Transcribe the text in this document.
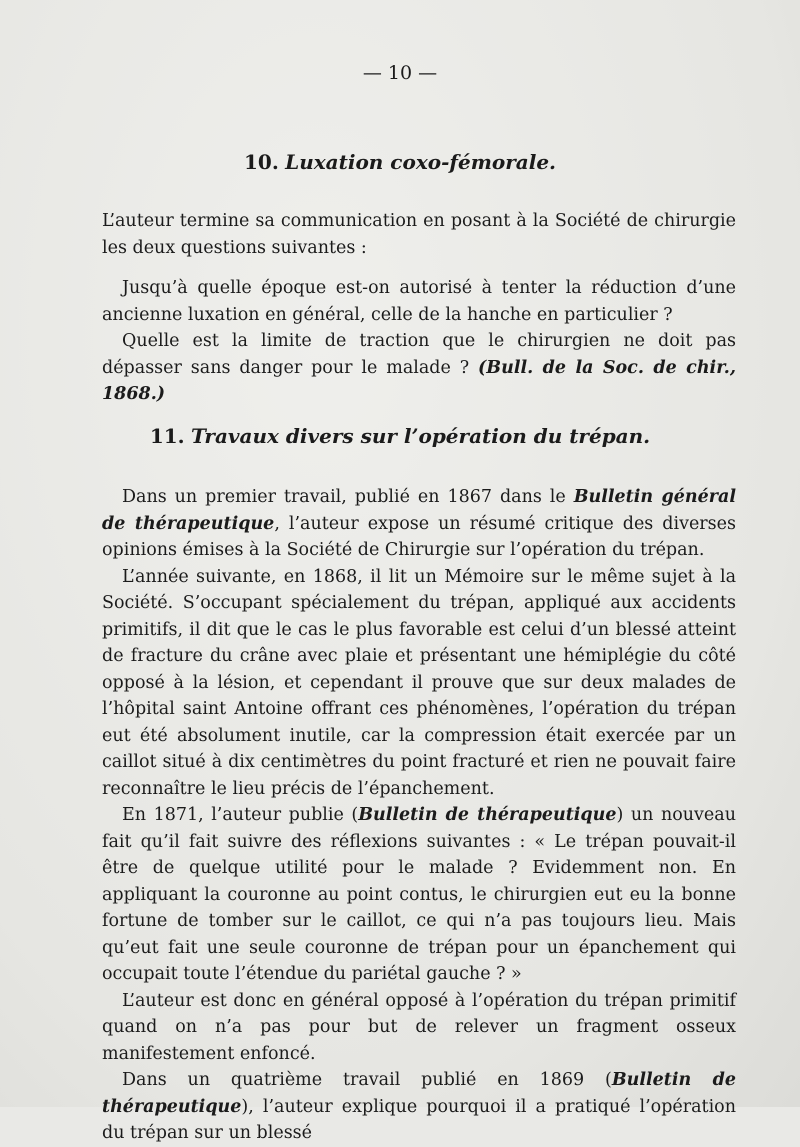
— 10 —
10. Luxation coxo-fémorale.

L’auteur termine sa communication en posant à la Société de chirurgie les deux questions suivantes :

Jusqu’à quelle époque est-on autorisé à tenter la réduction d’une ancienne luxation en général, celle de la hanche en particulier ?

Quelle est la limite de traction que le chirurgien ne doit pas dépasser sans danger pour le malade ? (Bull. de la Soc. de chir., 1868.)

11. Travaux divers sur l’opération du trépan.

Dans un premier travail, publié en 1867 dans le Bulletin général de thérapeutique, l’auteur expose un résumé critique des diverses opinions émises à la Société de Chirurgie sur l’opération du trépan.

L’année suivante, en 1868, il lit un Mémoire sur le même sujet à la Société. S’occupant spécialement du trépan, appliqué aux accidents primitifs, il dit que le cas le plus favorable est celui d’un blessé atteint de fracture du crâne avec plaie et présentant une hémiplégie du côté opposé à la lésion, et cependant il prouve que sur deux malades de l’hôpital saint Antoine offrant ces phénomènes, l’opération du trépan eut été absolument inutile, car la compression était exercée par un caillot situé à dix centimètres du point fracturé et rien ne pouvait faire reconnaître le lieu précis de l’épanchement.

En 1871, l’auteur publie (Bulletin de thérapeutique) un nouveau fait qu’il fait suivre des réflexions suivantes : « Le trépan pouvait-il être de quelque utilité pour le malade ? Evidemment non. En appliquant la couronne au point contus, le chirurgien eut eu la bonne fortune de tomber sur le caillot, ce qui n’a pas toujours lieu. Mais qu’eut fait une seule couronne de trépan pour un épanchement qui occupait toute l’étendue du pariétal gauche ? »

L’auteur est donc en général opposé à l’opération du trépan primitif quand on n’a pas pour but de relever un fragment osseux manifestement enfoncé.

Dans un quatrième travail publié en 1869 (Bulletin de thérapeutique), l’auteur explique pourquoi il a pratiqué l’opération du trépan sur un blessé
